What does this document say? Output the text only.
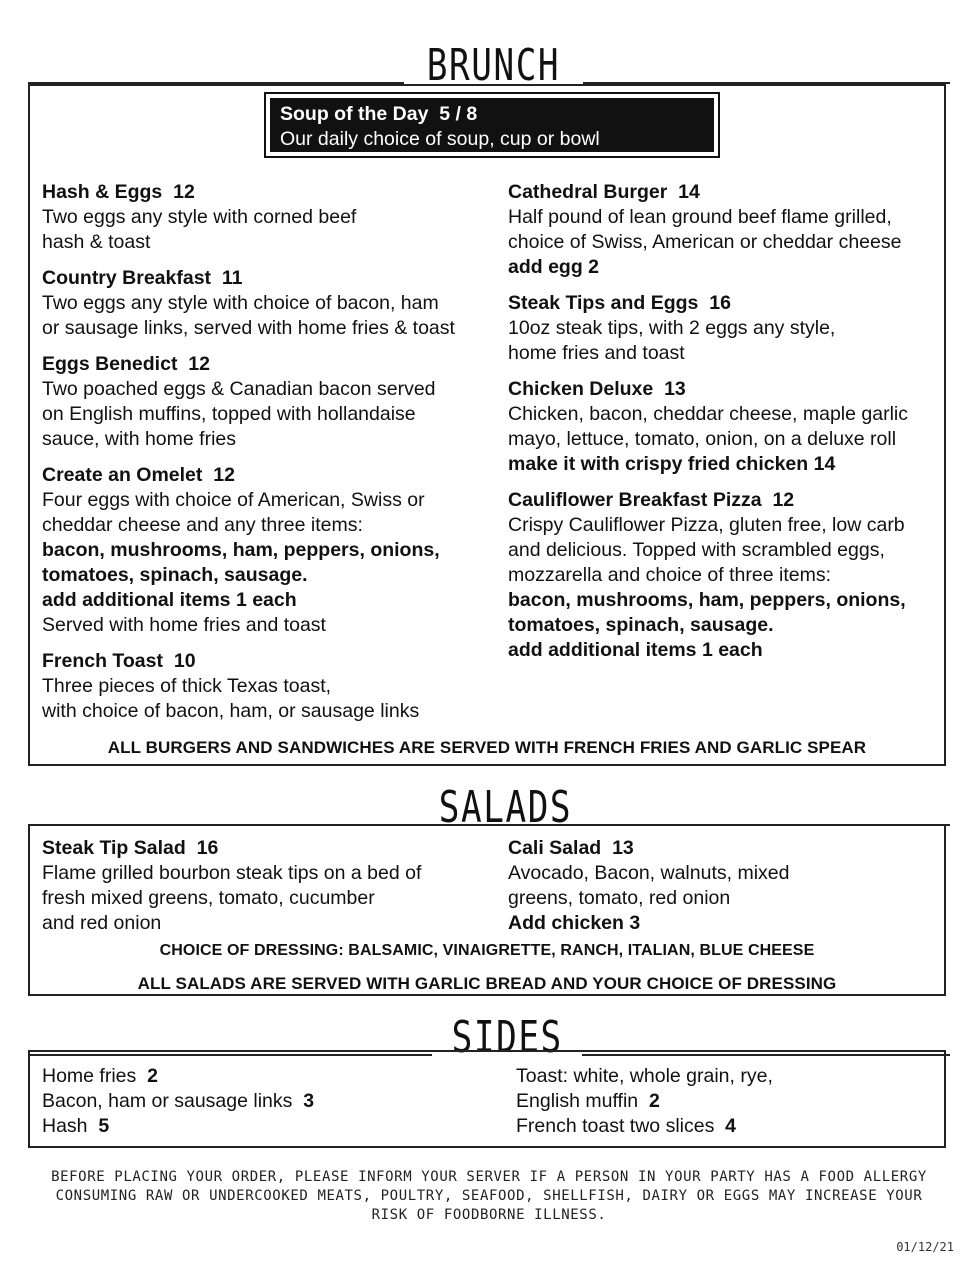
BRUNCH
Soup of the Day 5 / 8
Our daily choice of soup, cup or bowl
Hash & Eggs 12
Two eggs any style with corned beef
hash & toast
Country Breakfast 11
Two eggs any style with choice of bacon, ham
or sausage links, served with home fries & toast
Eggs Benedict 12
Two poached eggs & Canadian bacon served
on English muffins, topped with hollandaise
sauce, with home fries
Create an Omelet 12
Four eggs with choice of American, Swiss or
cheddar cheese and any three items:
bacon, mushrooms, ham, peppers, onions,
tomatoes, spinach, sausage.
add additional items 1 each
Served with home fries and toast
French Toast 10
Three pieces of thick Texas toast,
with choice of bacon, ham, or sausage links
Cathedral Burger 14
Half pound of lean ground beef flame grilled,
choice of Swiss, American or cheddar cheese
add egg 2
Steak Tips and Eggs 16
10oz steak tips, with 2 eggs any style,
home fries and toast
Chicken Deluxe 13
Chicken, bacon, cheddar cheese, maple garlic
mayo, lettuce, tomato, onion, on a deluxe roll
make it with crispy fried chicken 14
Cauliflower Breakfast Pizza 12
Crispy Cauliflower Pizza, gluten free, low carb
and delicious. Topped with scrambled eggs,
mozzarella and choice of three items:
bacon, mushrooms, ham, peppers, onions,
tomatoes, spinach, sausage.
add additional items 1 each
ALL BURGERS AND SANDWICHES ARE SERVED WITH FRENCH FRIES AND GARLIC SPEAR
SALADS
Steak Tip Salad 16
Flame grilled bourbon steak tips on a bed of
fresh mixed greens, tomato, cucumber
and red onion
Cali Salad 13
Avocado, Bacon, walnuts, mixed
greens, tomato, red onion
Add chicken 3
CHOICE OF DRESSING: BALSAMIC, VINAIGRETTE, RANCH, ITALIAN, BLUE CHEESE
ALL SALADS ARE SERVED WITH GARLIC BREAD AND YOUR CHOICE OF DRESSING
SIDES
Home fries 2
Bacon, ham or sausage links 3
Hash 5
Toast: white, whole grain, rye,
English muffin 2
French toast two slices 4
BEFORE PLACING YOUR ORDER, PLEASE INFORM YOUR SERVER IF A PERSON IN YOUR PARTY HAS A FOOD ALLERGY
CONSUMING RAW OR UNDERCOOKED MEATS, POULTRY, SEAFOOD, SHELLFISH, DAIRY OR EGGS MAY INCREASE YOUR
RISK OF FOODBORNE ILLNESS.
01/12/21
